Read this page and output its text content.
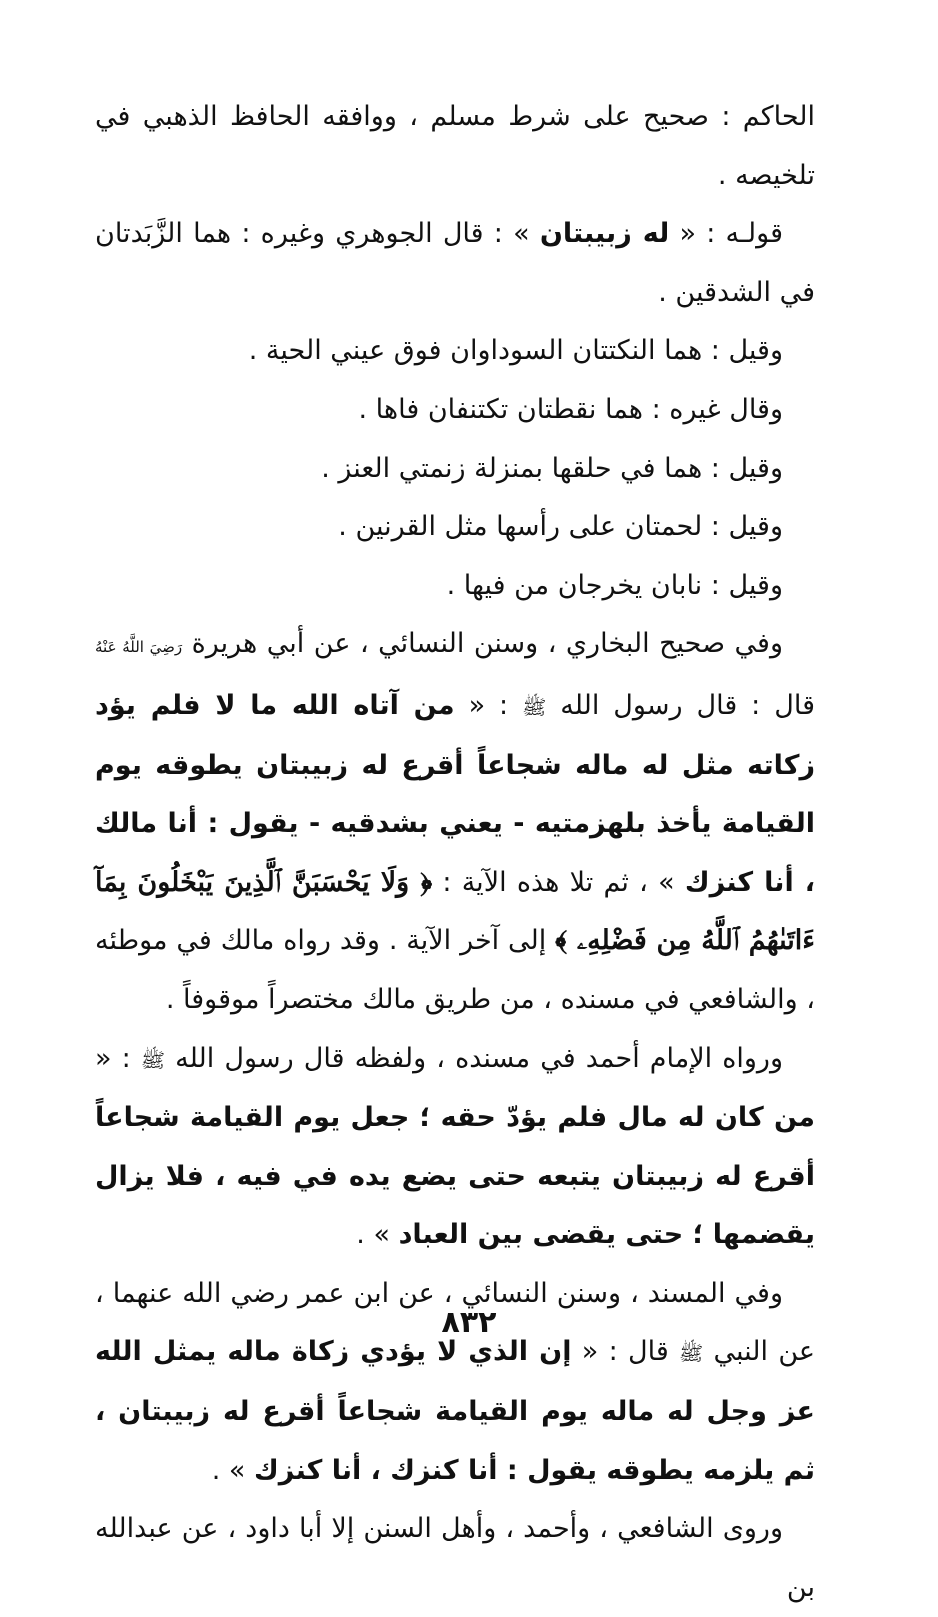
الحاكم : صحيح على شرط مسلم ، ووافقه الحافظ الذهبي في تلخيصه .

قولـه : « له زبيبتان » : قال الجوهري وغيره : هما الزَّبَدتان في الشدقين .

وقيل : هما النكتتان السوداوان فوق عيني الحية .

وقال غيره : هما نقطتان تكتنفان فاها .

وقيل : هما في حلقها بمنزلة زنمتي العنز .

وقيل : لحمتان على رأسها مثل القرنين .

وقيل : نابان يخرجان من فيها .

وفي صحيح البخاري ، وسنن النسائي ، عن أبي هريرة رَضِيَ اللَّهُ عَنْهُ قال : قال رسول الله ﷺ : « من آتاه الله ما لا فلم يؤد زكاته مثل له ماله شجاعاً أقرع له زبيبتان يطوقه يوم القيامة يأخذ بلهزمتيه - يعني بشدقيه - يقول : أنا مالك ، أنا كنزك » ، ثم تلا هذه الآية : ﴿ وَلَا يَحْسَبَنَّ ٱلَّذِينَ يَبْخَلُونَ بِمَآ ءَاتَىٰهُمُ ٱللَّهُ مِن فَضْلِهِۦ ﴾ إلى آخر الآية . وقد رواه مالك في موطئه ، والشافعي في مسنده ، من طريق مالك مختصراً موقوفاً .

ورواه الإمام أحمد في مسنده ، ولفظه قال رسول الله ﷺ : « من كان له مال فلم يؤدّ حقه ؛ جعل يوم القيامة شجاعاً أقرع له زبيبتان يتبعه حتى يضع يده في فيه ، فلا يزال يقضمها ؛ حتى يقضى بين العباد » .

وفي المسند ، وسنن النسائي ، عن ابن عمر رضي الله عنهما ، عن النبي ﷺ قال : « إن الذي لا يؤدي زكاة ماله يمثل الله عز وجل له ماله يوم القيامة شجاعاً أقرع له زبيبتان ، ثم يلزمه يطوقه يقول : أنا كنزك ، أنا كنزك » .

وروى الشافعي ، وأحمد ، وأهل السنن إلا أبا داود ، عن عبدالله بن

٨٣٢
